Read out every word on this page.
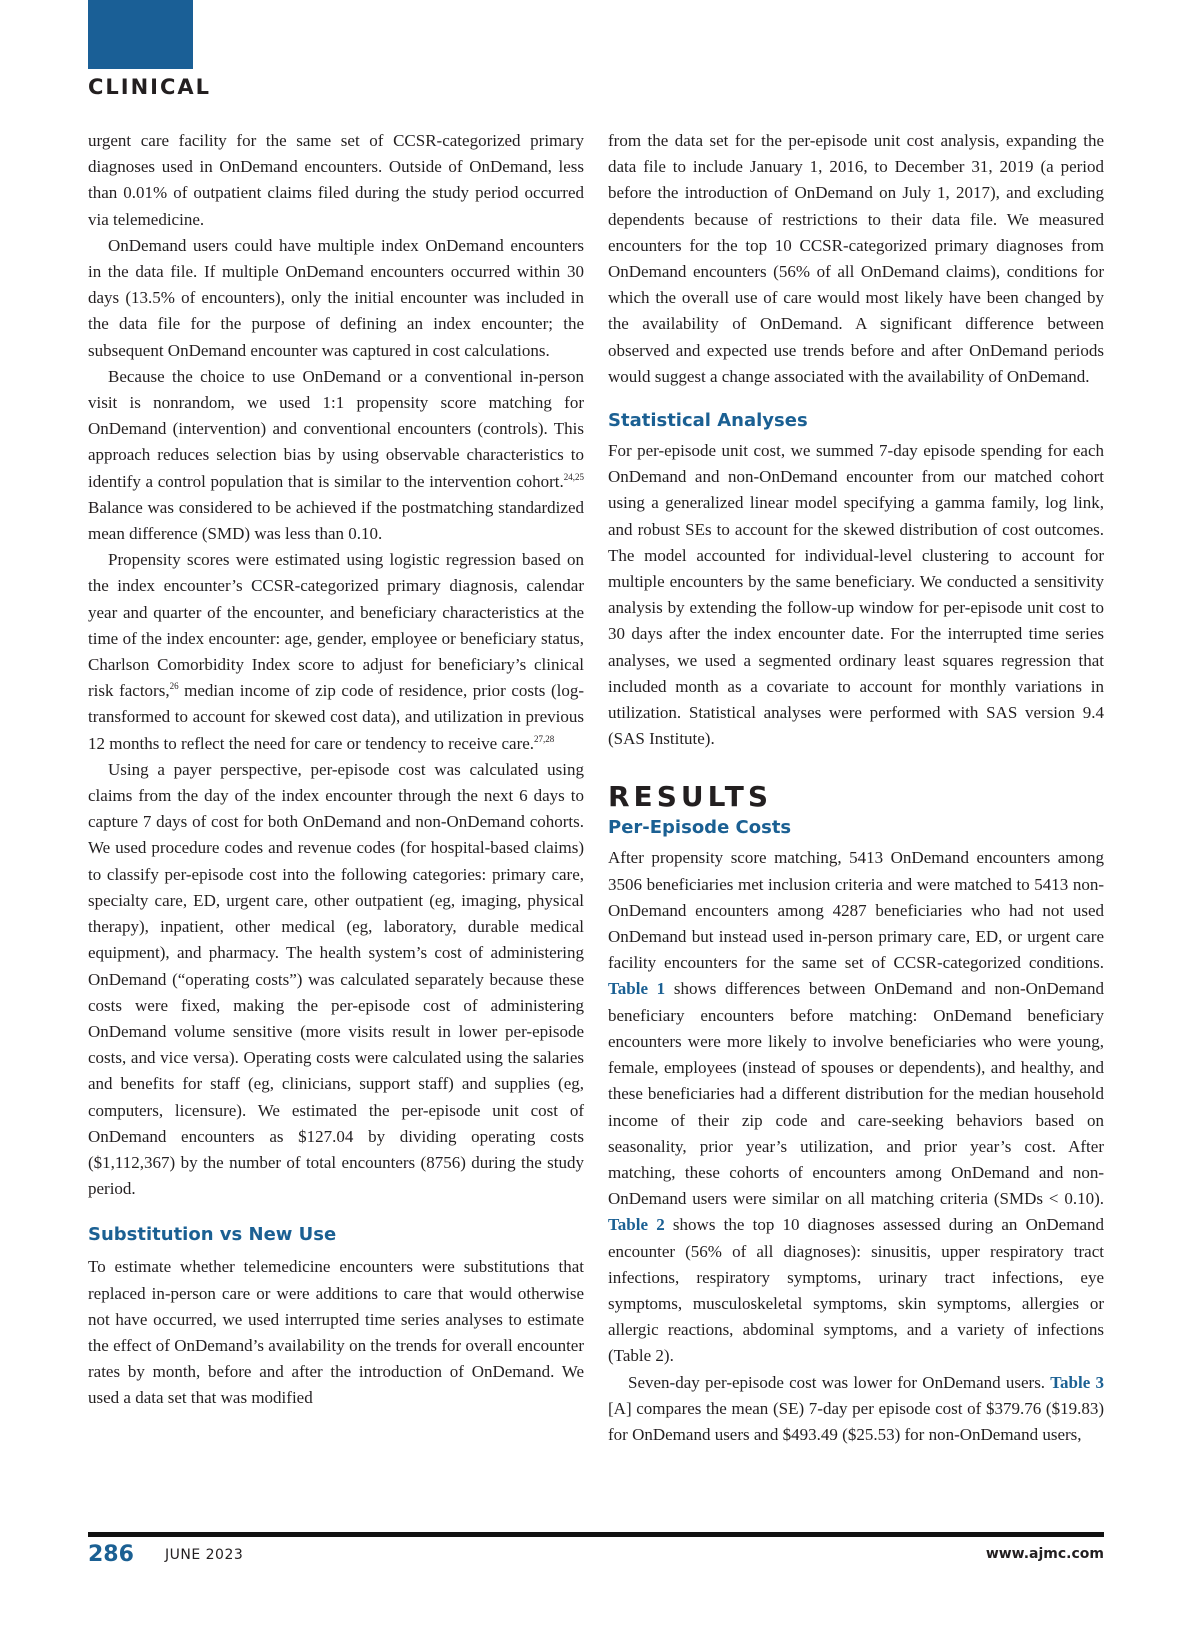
CLINICAL

urgent care facility for the same set of CCSR-categorized primary diagnoses used in OnDemand encounters. Outside of OnDemand, less than 0.01% of outpatient claims filed during the study period occurred via telemedicine.

OnDemand users could have multiple index OnDemand encounters in the data file. If multiple OnDemand encounters occurred within 30 days (13.5% of encounters), only the initial encounter was included in the data file for the purpose of defining an index encounter; the subsequent OnDemand encounter was captured in cost calculations.

Because the choice to use OnDemand or a conventional in-person visit is nonrandom, we used 1:1 propensity score matching for OnDemand (intervention) and conventional encounters (controls). This approach reduces selection bias by using observable characteristics to identify a control population that is similar to the intervention cohort.$^{24,25}$ Balance was considered to be achieved if the postmatching standardized mean difference (SMD) was less than 0.10.

Propensity scores were estimated using logistic regression based on the index encounter’s CCSR-categorized primary diagnosis, calendar year and quarter of the encounter, and beneficiary characteristics at the time of the index encounter: age, gender, employee or beneficiary status, Charlson Comorbidity Index score to adjust for beneficiary’s clinical risk factors,$^{26}$ median income of zip code of residence, prior costs (log-transformed to account for skewed cost data), and utilization in previous 12 months to reflect the need for care or tendency to receive care.$^{27,28}$

Using a payer perspective, per-episode cost was calculated using claims from the day of the index encounter through the next 6 days to capture 7 days of cost for both OnDemand and non-OnDemand cohorts. We used procedure codes and revenue codes (for hospital-based claims) to classify per-episode cost into the following categories: primary care, specialty care, ED, urgent care, other outpatient (eg, imaging, physical therapy), inpatient, other medical (eg, laboratory, durable medical equipment), and pharmacy. The health system’s cost of administering OnDemand (“operating costs”) was calculated separately because these costs were fixed, making the per-episode cost of administering OnDemand volume sensitive (more visits result in lower per-episode costs, and vice versa). Operating costs were calculated using the salaries and benefits for staff (eg, clinicians, support staff) and supplies (eg, computers, licensure). We estimated the per-episode unit cost of OnDemand encounters as $127.04 by dividing operating costs ($1,112,367) by the number of total encounters (8756) during the study period.

Substitution vs New Use

To estimate whether telemedicine encounters were substitutions that replaced in-person care or were additions to care that would otherwise not have occurred, we used interrupted time series analyses to estimate the effect of OnDemand’s availability on the trends for overall encounter rates by month, before and after the introduction of OnDemand. We used a data set that was modified

from the data set for the per-episode unit cost analysis, expanding the data file to include January 1, 2016, to December 31, 2019 (a period before the introduction of OnDemand on July 1, 2017), and excluding dependents because of restrictions to their data file. We measured encounters for the top 10 CCSR-categorized primary diagnoses from OnDemand encounters (56% of all OnDemand claims), conditions for which the overall use of care would most likely have been changed by the availability of OnDemand. A significant difference between observed and expected use trends before and after OnDemand periods would suggest a change associated with the availability of OnDemand.

Statistical Analyses

For per-episode unit cost, we summed 7-day episode spending for each OnDemand and non-OnDemand encounter from our matched cohort using a generalized linear model specifying a gamma family, log link, and robust SEs to account for the skewed distribution of cost outcomes. The model accounted for individual-level clustering to account for multiple encounters by the same beneficiary. We conducted a sensitivity analysis by extending the follow-up window for per-episode unit cost to 30 days after the index encounter date. For the interrupted time series analyses, we used a segmented ordinary least squares regression that included month as a covariate to account for monthly variations in utilization. Statistical analyses were performed with SAS version 9.4 (SAS Institute).

RESULTS
Per-Episode Costs

After propensity score matching, 5413 OnDemand encounters among 3506 beneficiaries met inclusion criteria and were matched to 5413 non-OnDemand encounters among 4287 beneficiaries who had not used OnDemand but instead used in-person primary care, ED, or urgent care facility encounters for the same set of CCSR-categorized conditions. Table 1 shows differences between OnDemand and non-OnDemand beneficiary encounters before matching: OnDemand beneficiary encounters were more likely to involve beneficiaries who were young, female, employees (instead of spouses or dependents), and healthy, and these beneficiaries had a different distribution for the median household income of their zip code and care-seeking behaviors based on seasonality, prior year’s utilization, and prior year’s cost. After matching, these cohorts of encounters among OnDemand and non-OnDemand users were similar on all matching criteria (SMDs < 0.10). Table 2 shows the top 10 diagnoses assessed during an OnDemand encounter (56% of all diagnoses): sinusitis, upper respiratory tract infections, respiratory symptoms, urinary tract infections, eye symptoms, musculoskeletal symptoms, skin symptoms, allergies or allergic reactions, abdominal symptoms, and a variety of infections (Table 2).

Seven-day per-episode cost was lower for OnDemand users. Table 3 [A] compares the mean (SE) 7-day per episode cost of $379.76 ($19.83) for OnDemand users and $493.49 ($25.53) for non-OnDemand users,

286 JUNE 2023	www.ajmc.com
